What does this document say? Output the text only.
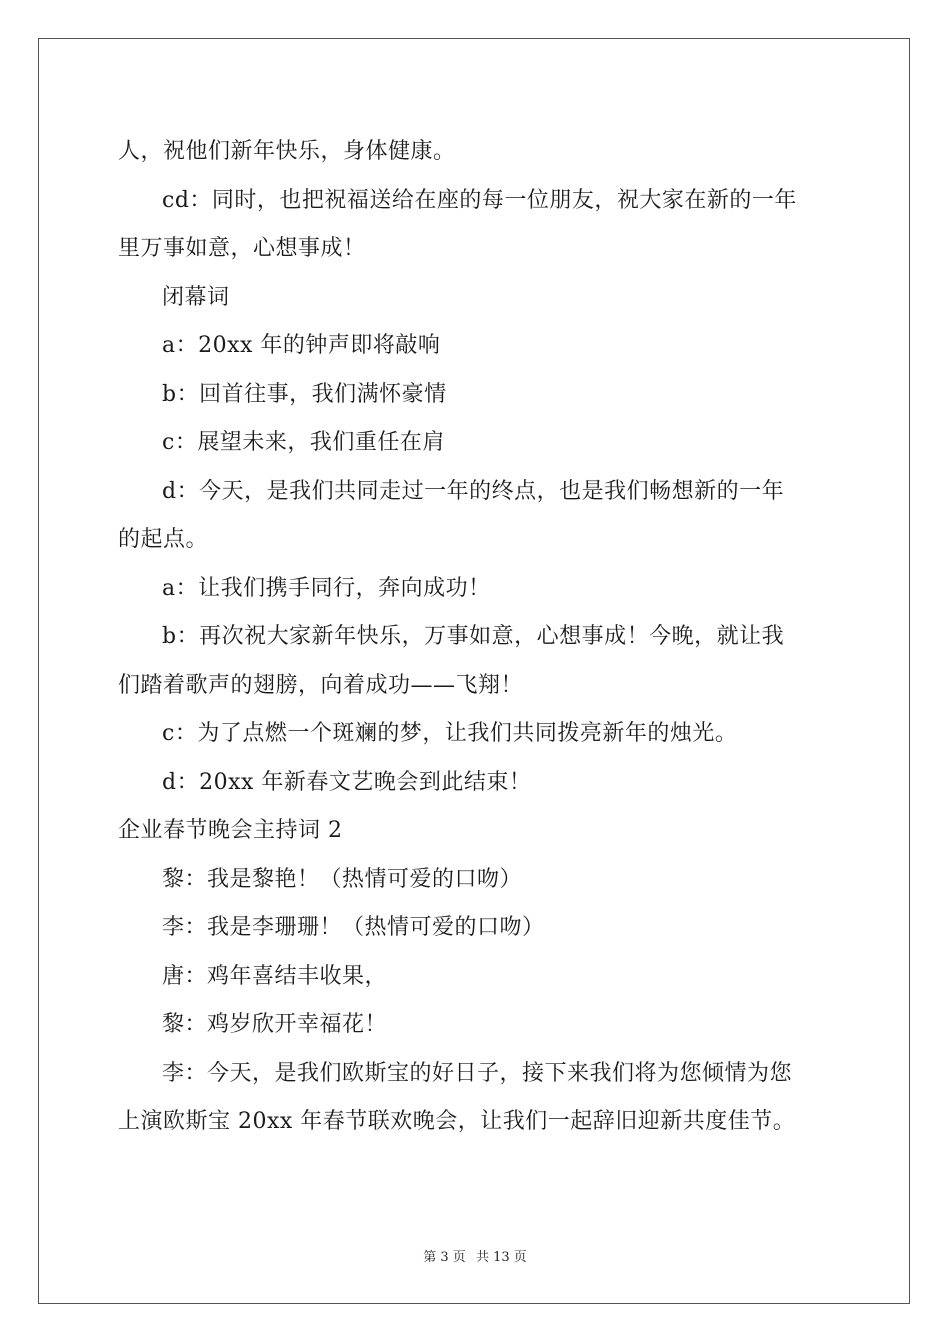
人，祝他们新年快乐，身体健康。
cd：同时，也把祝福送给在座的每一位朋友，祝大家在新的一年
里万事如意，心想事成！
闭幕词
a：20xx 年的钟声即将敲响
b：回首往事，我们满怀豪情
c：展望未来，我们重任在肩
d：今天，是我们共同走过一年的终点，也是我们畅想新的一年
的起点。
a：让我们携手同行，奔向成功！
b：再次祝大家新年快乐，万事如意，心想事成！今晚，就让我
们踏着歌声的翅膀，向着成功——飞翔！
c：为了点燃一个斑斓的梦，让我们共同拨亮新年的烛光。
d：20xx 年新春文艺晚会到此结束！
企业春节晚会主持词 2
黎：我是黎艳！（热情可爱的口吻）
李：我是李珊珊！（热情可爱的口吻）
唐：鸡年喜结丰收果，
黎：鸡岁欣开幸福花！
李：今天，是我们欧斯宝的好日子，接下来我们将为您倾情为您
上演欧斯宝 20xx 年春节联欢晚会，让我们一起辞旧迎新共度佳节。
第 3 页 共 13 页
